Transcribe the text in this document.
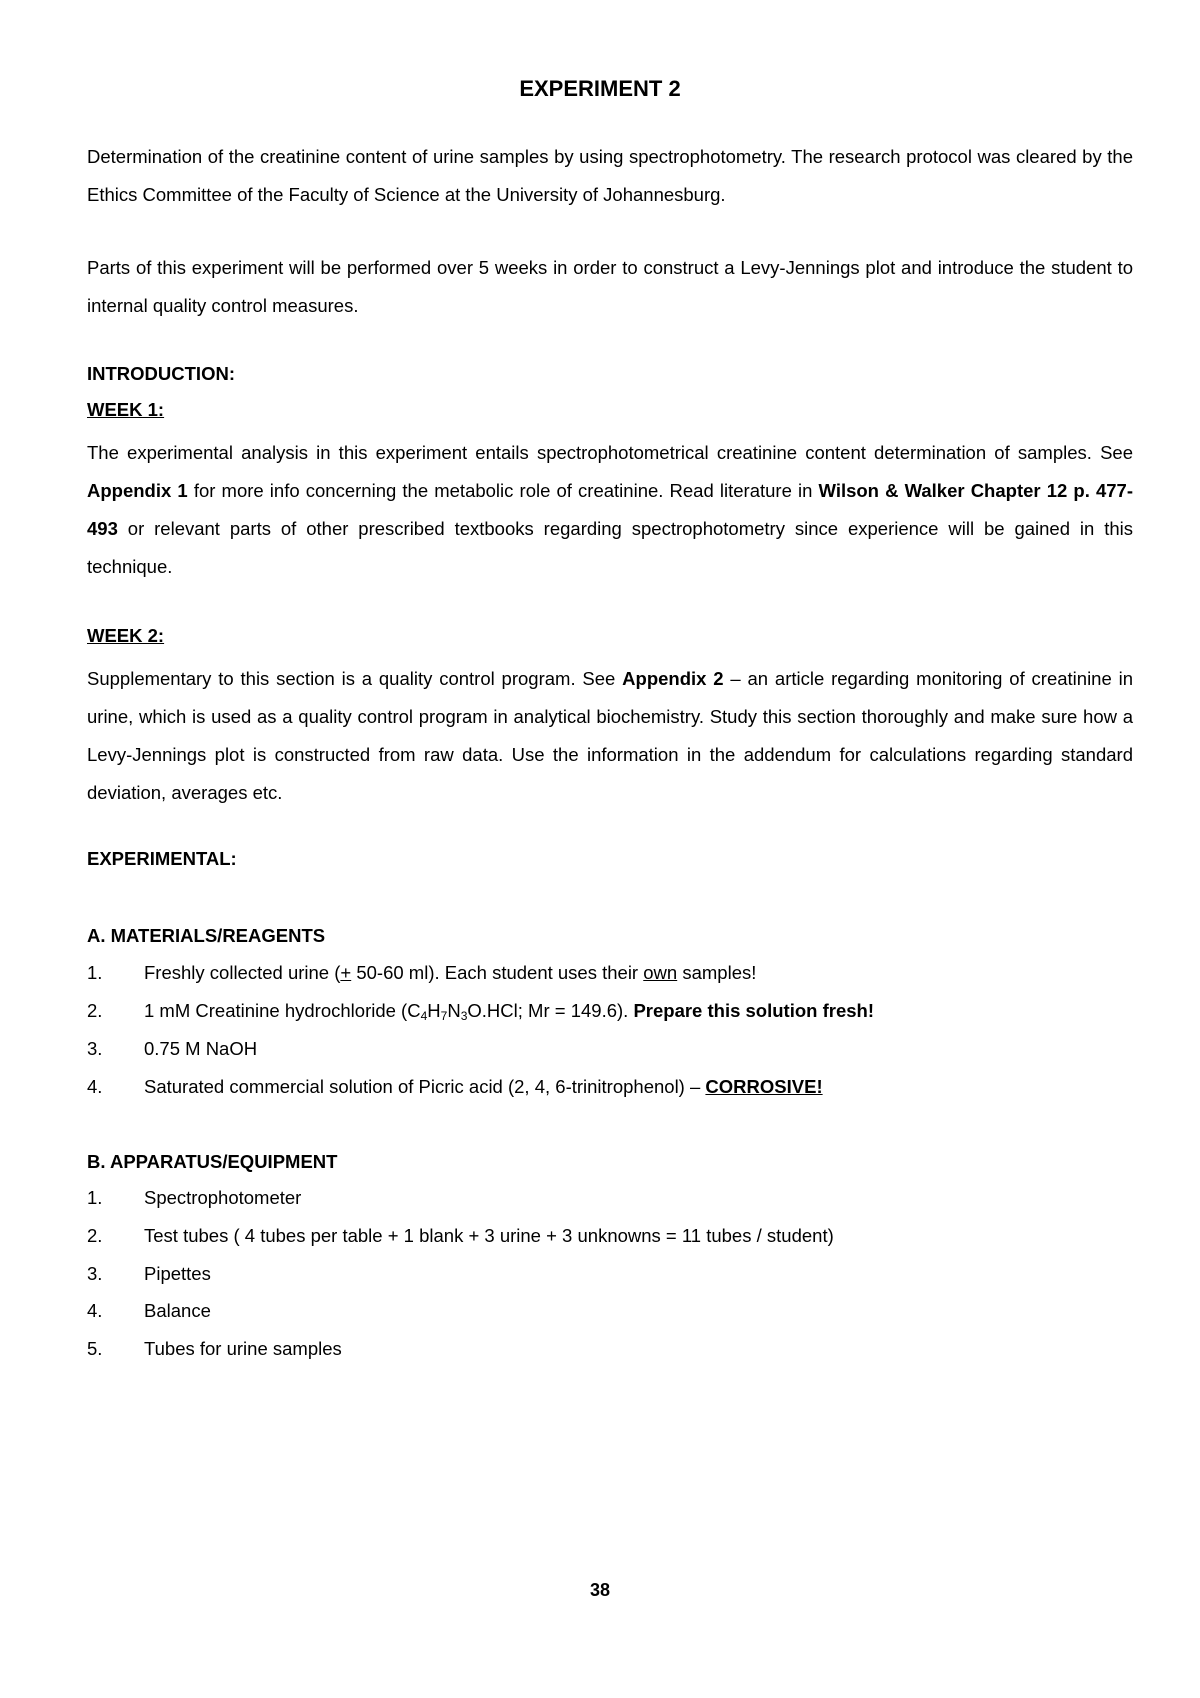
EXPERIMENT 2

Determination of the creatinine content of urine samples by using spectrophotometry. The research protocol was cleared by the Ethics Committee of the Faculty of Science at the University of Johannesburg.

Parts of this experiment will be performed over 5 weeks in order to construct a Levy-Jennings plot and introduce the student to internal quality control measures.

INTRODUCTION:

WEEK 1:

The experimental analysis in this experiment entails spectrophotometrical creatinine content determination of samples. See Appendix 1 for more info concerning the metabolic role of creatinine. Read literature in Wilson & Walker Chapter 12 p. 477-493 or relevant parts of other prescribed textbooks regarding spectrophotometry since experience will be gained in this technique.

WEEK 2:

Supplementary to this section is a quality control program. See Appendix 2 – an article regarding monitoring of creatinine in urine, which is used as a quality control program in analytical biochemistry. Study this section thoroughly and make sure how a Levy-Jennings plot is constructed from raw data. Use the information in the addendum for calculations regarding standard deviation, averages etc.

EXPERIMENTAL:

A. MATERIALS/REAGENTS

1.	Freshly collected urine (+ 50-60 ml). Each student uses their own samples!
2.	1 mM Creatinine hydrochloride ($C_4H_7N_3O.HCl$; Mr = 149.6). Prepare this solution fresh!
3.	0.75 M NaOH
4.	Saturated commercial solution of Picric acid (2, 4, 6-trinitrophenol) – CORROSIVE!

B. APPARATUS/EQUIPMENT

1.	Spectrophotometer
2.	Test tubes ( 4 tubes per table + 1 blank + 3 urine + 3 unknowns = 11 tubes / student)
3.	Pipettes
4.	Balance
5.	Tubes for urine samples
38
